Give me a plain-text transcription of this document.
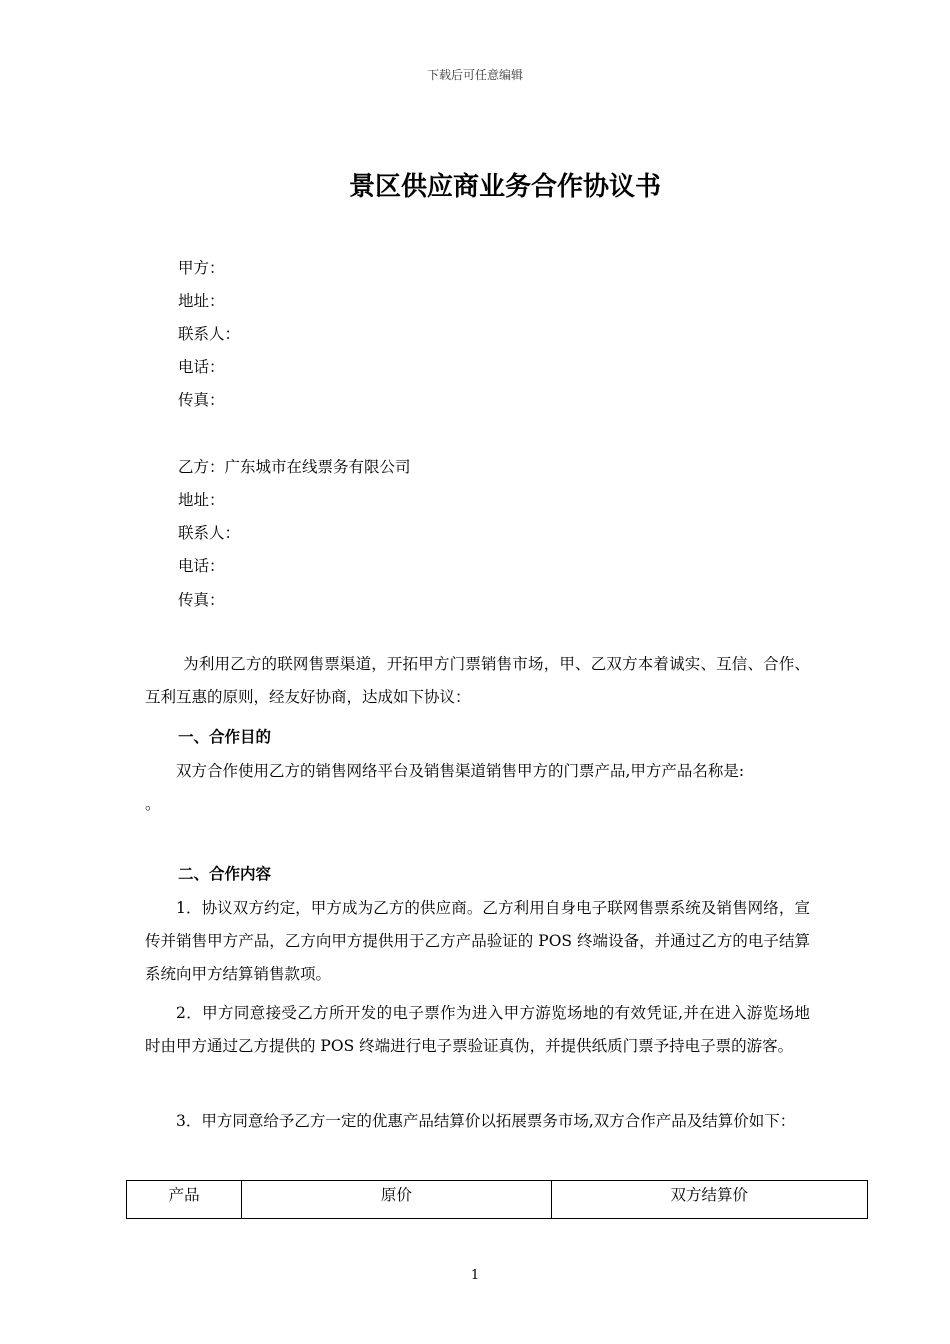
下载后可任意编辑
景区供应商业务合作协议书
甲方：
地址：
联系人：
电话：
传真：
乙方：广东城市在线票务有限公司
地址：
联系人：
电话：
传真：
为利用乙方的联网售票渠道，开拓甲方门票销售市场，甲、乙双方本着诚实、互信、合作、互利互惠的原则，经友好协商，达成如下协议：
一、合作目的
双方合作使用乙方的销售网络平台及销售渠道销售甲方的门票产品,甲方产品名称是:
。
二、合作内容
1．协议双方约定，甲方成为乙方的供应商。乙方利用自身电子联网售票系统及销售网络，宣传并销售甲方产品，乙方向甲方提供用于乙方产品验证的 POS 终端设备，并通过乙方的电子结算系统向甲方结算销售款项。
2．甲方同意接受乙方所开发的电子票作为进入甲方游览场地的有效凭证,并在进入游览场地时由甲方通过乙方提供的 POS 终端进行电子票验证真伪，并提供纸质门票予持电子票的游客。
3．甲方同意给予乙方一定的优惠产品结算价以拓展票务市场,双方合作产品及结算价如下：
产品	原价	双方结算价
1
